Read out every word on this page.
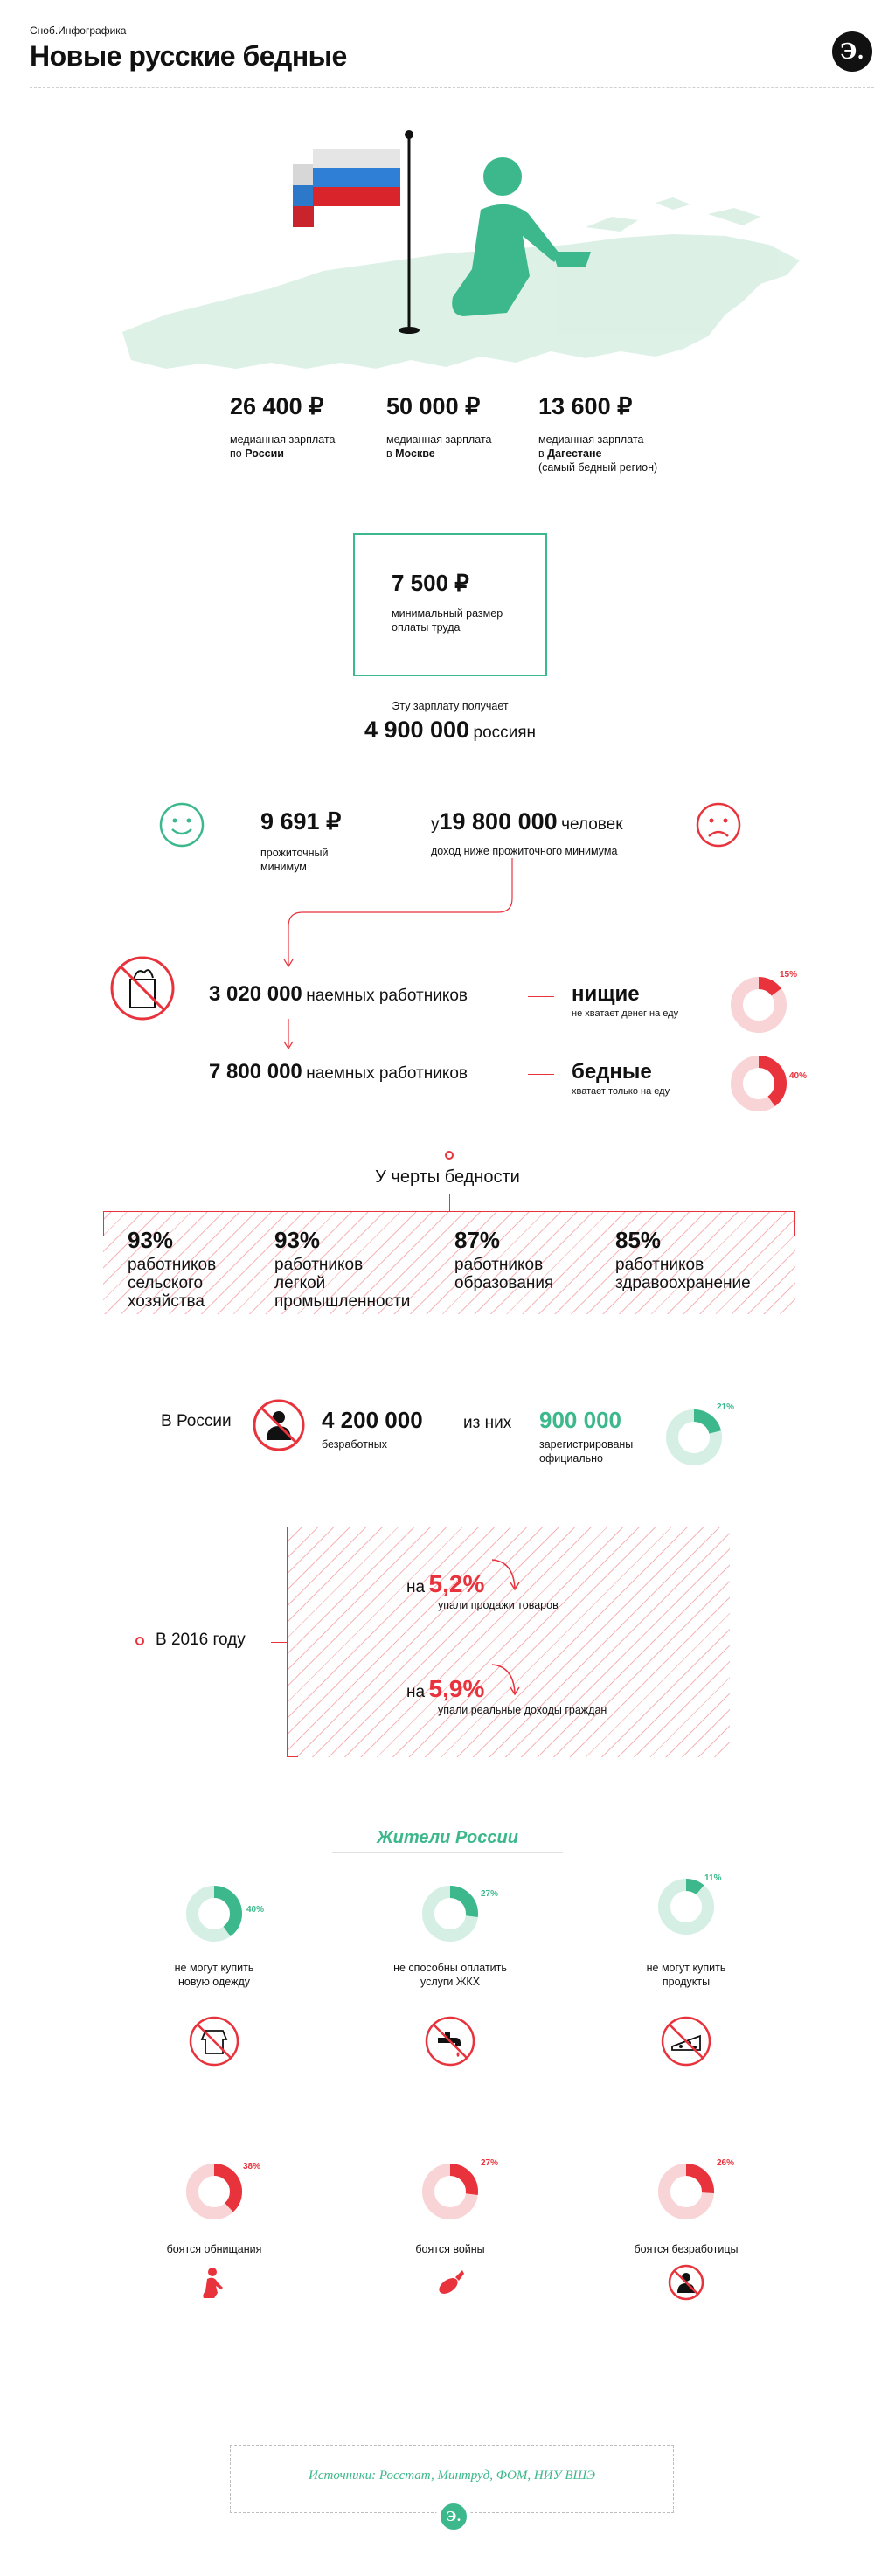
Сноб.Инфографика
Новые русские бедные	Э.
26 400 ₽
медианная зарплата
по России
50 000 ₽
медианная зарплата
в Москве
13 600 ₽
медианная зарплата
в Дагестане
(самый бедный регион)
7 500 ₽
минимальный размер
оплаты труда
Эту зарплату получает
4 900 000 россиян
9 691 ₽
прожиточный
минимум
у19 800 000 человек
доход ниже прожиточного минимума
3 020 000 наемных работников	нищие
не хватает денег на еду
15%
7 800 000 наемных работников	бедные
хватает только на еду
40%
У черты бедности
93%
работников
сельского
хозяйства
93%
работников
легкой
промышленности
87%
работников
образования
85%
работников
здравоохранение
В России	4 200 000
безработных
из них 900 000
зарегистрированы
официально
21%
В 2016 году
на 5,2%
упали продажи товаров
на 5,9%
упали реальные доходы граждан
Жители России
40%
не могут купить
новую одежду
27%
не способны оплатить
услуги ЖКХ
11%
не могут купить
продукты
38%
боятся обнищания
27%
боятся войны
26%
боятся безработицы
Источники: Росстат, Минтруд, ФОМ, НИУ ВШЭ
Э.
